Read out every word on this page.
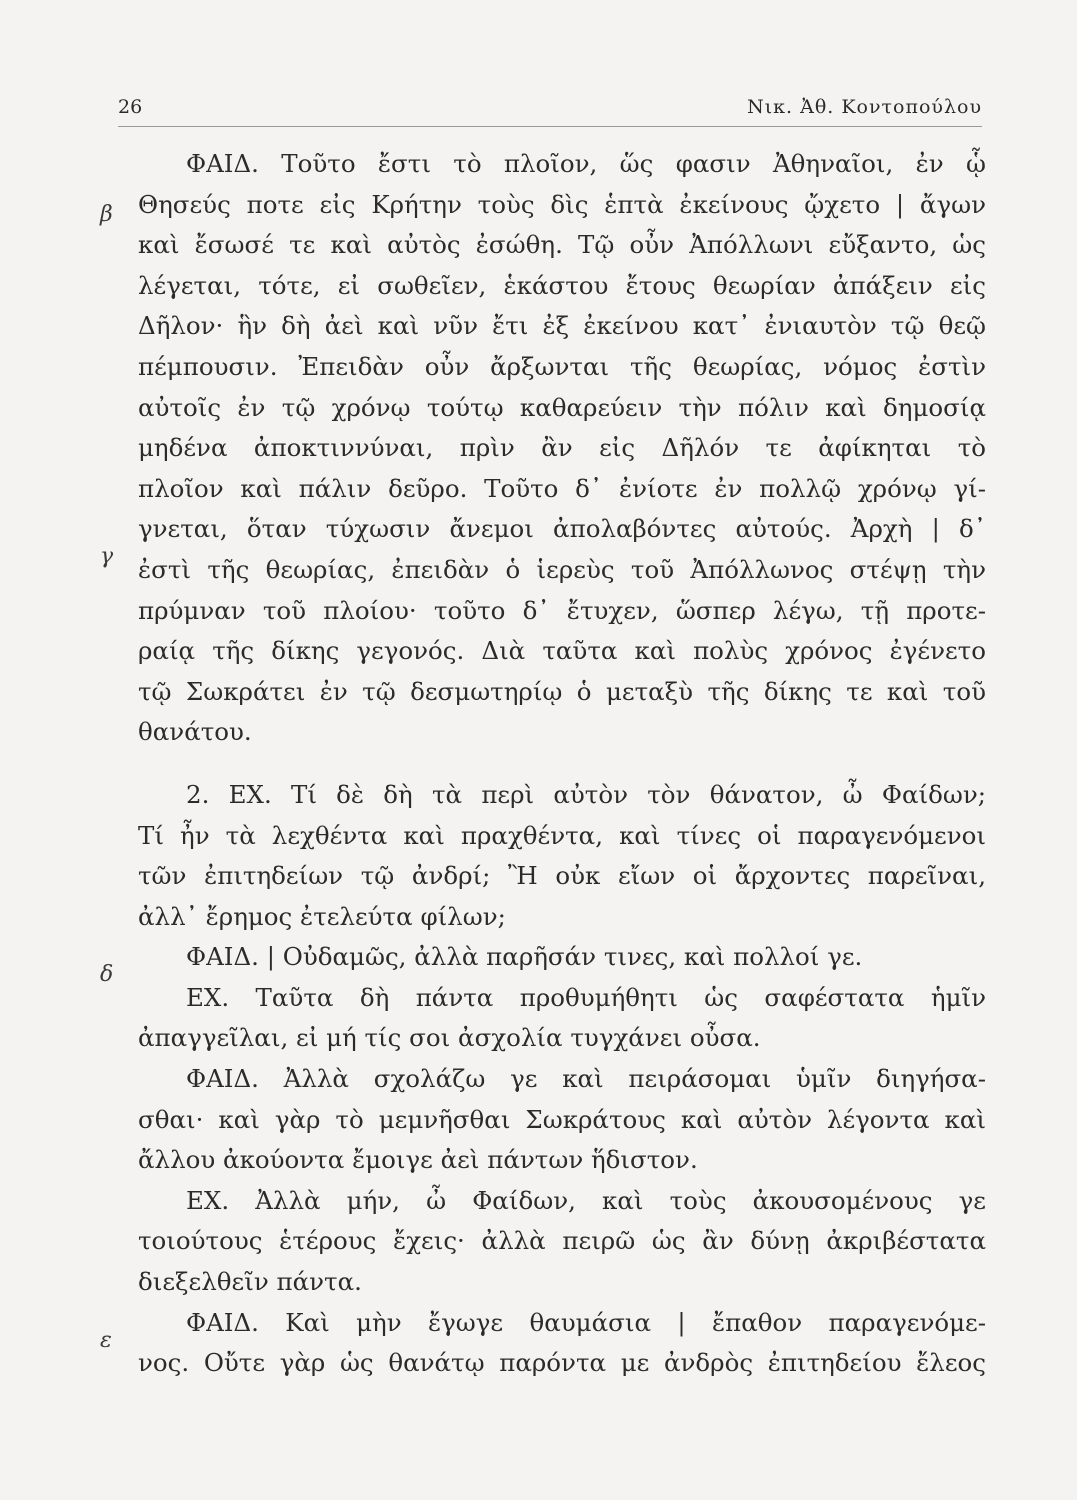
26	Νικ. Ἀθ. Κοντοπούλου
β
γ
δ
ε
ΦΑΙΔ. Τοῦτο ἔστι τὸ πλοῖον, ὥς φασιν Ἀθηναῖοι, ἐν ᾧ
Θησεύς ποτε εἰς Κρήτην τοὺς δὶς ἑπτὰ ἐκείνους ᾤχετο | ἄγων
καὶ ἔσωσέ τε καὶ αὐτὸς ἐσώθη. Τῷ οὖν Ἀπόλλωνι εὔξαντο, ὡς
λέγεται, τότε, εἰ σωθεῖεν, ἑκάστου ἔτους θεωρίαν ἀπάξειν εἰς
Δῆλον· ἣν δὴ ἀεὶ καὶ νῦν ἔτι ἐξ ἐκείνου κατ᾽ ἐνιαυτὸν τῷ θεῷ
πέμπουσιν. Ἐπειδὰν οὖν ἄρξωνται τῆς θεωρίας, νόμος ἐστὶν
αὐτοῖς ἐν τῷ χρόνῳ τούτῳ καθαρεύειν τὴν πόλιν καὶ δημοσίᾳ
μηδένα ἀποκτιννύναι, πρὶν ἂν εἰς Δῆλόν τε ἀφίκηται τὸ
πλοῖον καὶ πάλιν δεῦρο. Τοῦτο δ᾽ ἐνίοτε ἐν πολλῷ χρόνῳ γί-
γνεται, ὅταν τύχωσιν ἄνεμοι ἀπολαβόντες αὐτούς. Ἀρχὴ | δ᾽
ἐστὶ τῆς θεωρίας, ἐπειδὰν ὁ ἱερεὺς τοῦ Ἀπόλλωνος στέψῃ τὴν
πρύμναν τοῦ πλοίου· τοῦτο δ᾽ ἔτυχεν, ὥσπερ λέγω, τῇ προτε-
ραίᾳ τῆς δίκης γεγονός. Διὰ ταῦτα καὶ πολὺς χρόνος ἐγένετο
τῷ Σωκράτει ἐν τῷ δεσμωτηρίῳ ὁ μεταξὺ τῆς δίκης τε καὶ τοῦ
θανάτου.
2. ΕΧ. Τί δὲ δὴ τὰ περὶ αὐτὸν τὸν θάνατον, ὦ Φαίδων;
Τί ἦν τὰ λεχθέντα καὶ πραχθέντα, καὶ τίνες οἱ παραγενόμενοι
τῶν ἐπιτηδείων τῷ ἀνδρί; Ἢ οὐκ εἴων οἱ ἄρχοντες παρεῖναι,
ἀλλ᾽ ἔρημος ἐτελεύτα φίλων;
ΦΑΙΔ. | Οὐδαμῶς, ἀλλὰ παρῆσάν τινες, καὶ πολλοί γε.
ΕΧ. Ταῦτα δὴ πάντα προθυμήθητι ὡς σαφέστατα ἡμῖν
ἀπαγγεῖλαι, εἰ μή τίς σοι ἀσχολία τυγχάνει οὖσα.
ΦΑΙΔ. Ἀλλὰ σχολάζω γε καὶ πειράσομαι ὑμῖν διηγήσα-
σθαι· καὶ γὰρ τὸ μεμνῆσθαι Σωκράτους καὶ αὐτὸν λέγοντα καὶ
ἄλλου ἀκούοντα ἔμοιγε ἀεὶ πάντων ἥδιστον.
ΕΧ. Ἀλλὰ μήν, ὦ Φαίδων, καὶ τοὺς ἀκουσομένους γε
τοιούτους ἑτέρους ἔχεις· ἀλλὰ πειρῶ ὡς ἂν δύνῃ ἀκριβέστατα
διεξελθεῖν πάντα.
ΦΑΙΔ. Καὶ μὴν ἔγωγε θαυμάσια | ἔπαθον παραγενόμε-
νος. Οὔτε γὰρ ὡς θανάτῳ παρόντα με ἀνδρὸς ἐπιτηδείου ἔλεος
